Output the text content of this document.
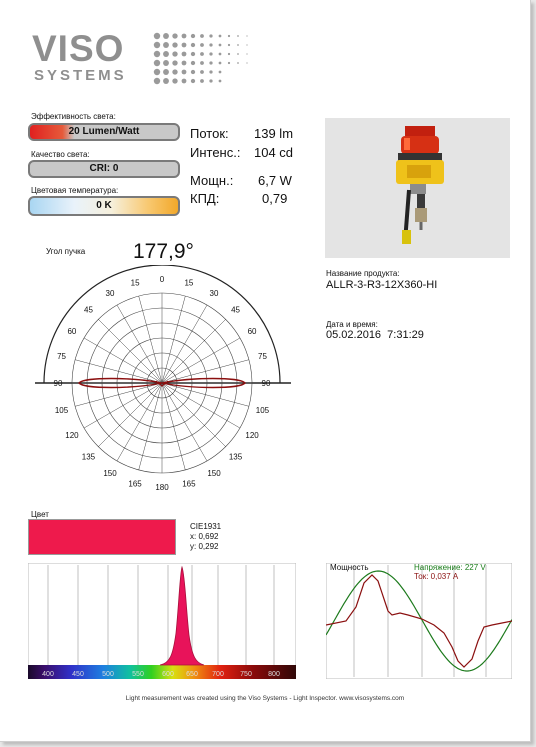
VISO
SYSTEMS
Эффективность света:
20 Lumen/Watt
Качество света:
CRI: 0
Цветовая температура:
0 K
Поток: 139 lm
Интенс.: 104 cd
Мощн.: 6,7 W
КПД:	0,79
Название продукта:
ALLR-3-R3-12X360-HI
Дата и время:
05.02.2016  7:31:29
Угол пучка 177,9°
0	15
15
30
30
45
45
60
60
75
75
90
90
105
105
120
120
135
135
150
150
165
165 180
Цвет
CIE1931
x: 0,692
y: 0,292
400	450	500	550	600 650 700 750 800
Мощность	Напряжение: 227 V
Ток: 0,037 A
Light measurement was created using the Viso Systems - Light Inspector. www.visosystems.com
